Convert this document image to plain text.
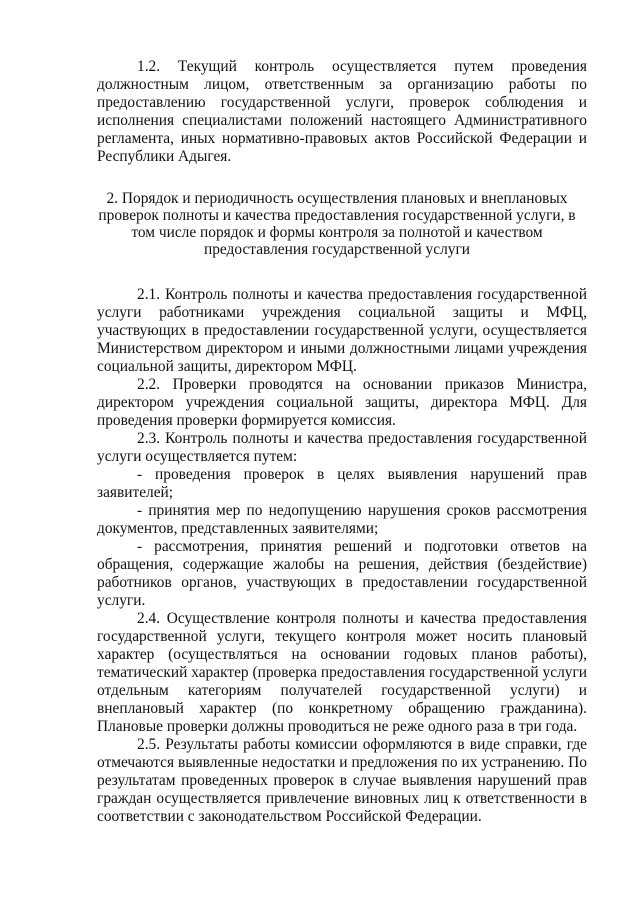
1.2. Текущий контроль осуществляется путем проведения должностным лицом, ответственным за организацию работы по предоставлению государственной услуги, проверок соблюдения и исполнения специалистами положений настоящего Административного регламента, иных нормативно-правовых актов Российской Федерации и Республики Адыгея.

2. Порядок и периодичность осуществления плановых и внеплановых
проверок полноты и качества предоставления государственной услуги, в
том числе порядок и формы контроля за полнотой и качеством
предоставления государственной услуги

2.1. Контроль полноты и качества предоставления государственной услуги работниками учреждения социальной защиты и МФЦ, участвующих в предоставлении государственной услуги, осуществляется Министерством директором и иными должностными лицами учреждения социальной защиты, директором МФЦ.

2.2. Проверки проводятся на основании приказов Министра, директором учреждения социальной защиты, директора МФЦ. Для проведения проверки формируется комиссия.

2.3. Контроль полноты и качества предоставления государственной услуги осуществляется путем:

- проведения проверок в целях выявления нарушений прав заявителей;

- принятия мер по недопущению нарушения сроков рассмотрения документов, представленных заявителями;

- рассмотрения, принятия решений и подготовки ответов на обращения, содержащие жалобы на решения, действия (бездействие) работников органов, участвующих в предоставлении государственной услуги.

2.4. Осуществление контроля полноты и качества предоставления государственной услуги, текущего контроля может носить плановый характер (осуществляться на основании годовых планов работы), тематический характер (проверка предоставления государственной услуги отдельным категориям получателей государственной услуги) и внеплановый характер (по конкретному обращению гражданина). Плановые проверки должны проводиться не реже одного раза в три года.

2.5. Результаты работы комиссии оформляются в виде справки, где отмечаются выявленные недостатки и предложения по их устранению. По результатам проведенных проверок в случае выявления нарушений прав граждан осуществляется привлечение виновных лиц к ответственности в соответствии с законодательством Российской Федерации.
